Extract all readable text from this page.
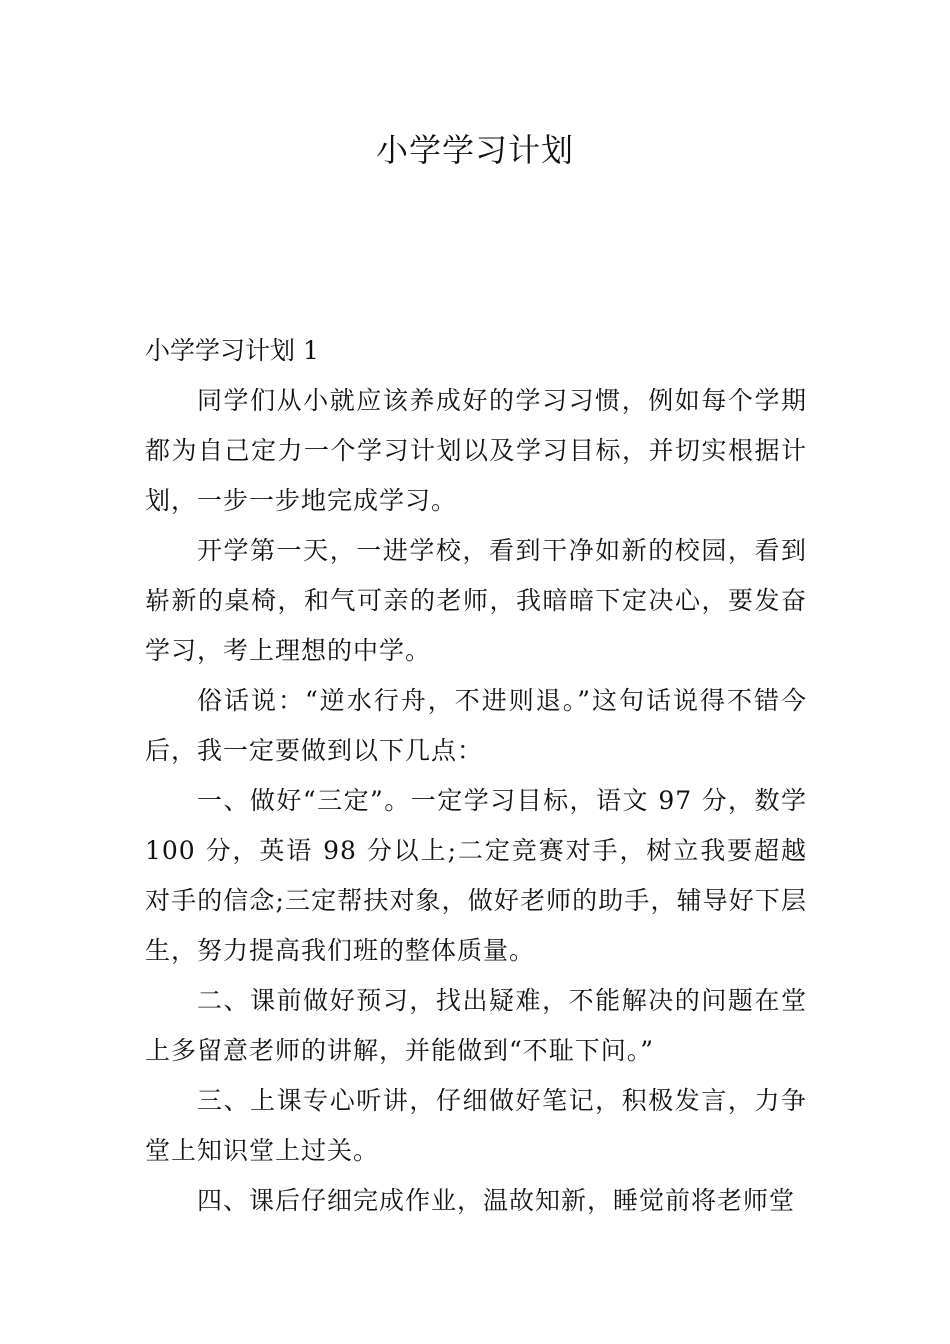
小学学习计划

小学学习计划 1

同学们从小就应该养成好的学习习惯，例如每个学期都为自己定力一个学习计划以及学习目标，并切实根据计划，一步一步地完成学习。

开学第一天，一进学校，看到干净如新的校园，看到崭新的桌椅，和气可亲的老师，我暗暗下定决心，要发奋学习，考上理想的中学。

俗话说：“逆水行舟，不进则退。”这句话说得不错今后，我一定要做到以下几点：

一、做好“三定”。一定学习目标，语文 97 分，数学 100 分，英语 98 分以上;二定竞赛对手，树立我要超越对手的信念;三定帮扶对象，做好老师的助手，辅导好下层生，努力提高我们班的整体质量。

二、课前做好预习，找出疑难，不能解决的问题在堂上多留意老师的讲解，并能做到“不耻下问。”

三、上课专心听讲，仔细做好笔记，积极发言，力争堂上知识堂上过关。

四、课后仔细完成作业，温故知新，睡觉前将老师堂
